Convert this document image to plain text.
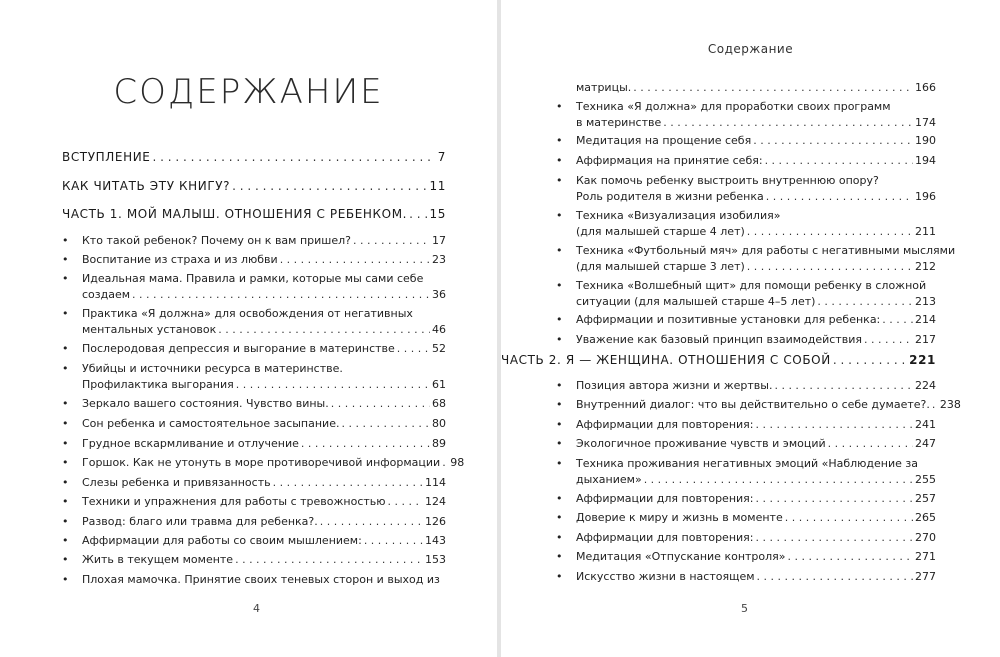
СОДЕРЖАНИЕ
ВСТУПЛЕНИЕ . . .	7
КАК ЧИТАТЬ ЭТУ КНИГУ? . . .	11
ЧАСТЬ 1. МОЙ МАЛЫШ. ОТНОШЕНИЯ С РЕБЕНКОМ. . . . 15
• Кто такой ребенок? Почему он к вам пришел? . . .	17
• Воспитание из страха и из любви . . .	23
• Идеальная мама. Правила и рамки, которые мы сами себе
создаем . . .	36
• Практика «Я должна» для освобождения от негативных
ментальных установок . . .	46
• Послеродовая депрессия и выгорание в материнстве . . .	52
• Убийцы и источники ресурса в материнстве.
Профилактика выгорания . . .	61
• Зеркало вашего состояния. Чувство вины. . . .	68
• Сон ребенка и самостоятельное засыпание. . . .	80
• Грудное вскармливание и отлучение . . .	89
• Горшок. Как не утонуть в море противоречивой информации . . . 98
• Слезы ребенка и привязанность . . .	114
• Техники и упражнения для работы с тревожностью . . .	124
• Развод: благо или травма для ребенка?. . . .	126
• Аффирмации для работы со своим мышлением: . . .	143
• Жить в текущем моменте . . .	153
• Плохая мамочка. Принятие своих теневых сторон и выход из
4
Содержание
матрицы. . . .	166
• Техника «Я должна» для проработки своих программ
в материнстве . . .	174
• Медитация на прощение себя . . .	190
• Аффирмация на принятие себя: . . .	194
• Как помочь ребенку выстроить внутреннюю опору?
Роль родителя в жизни ребенка . . .	196
• Техника «Визуализация изобилия»
(для малышей старше 4 лет) . . .	211
• Техника «Футбольный мяч» для работы с негативными мыслями
(для малышей старше 3 лет) . . .	212
• Техника «Волшебный щит» для помощи ребенку в сложной
ситуации (для малышей старше 4–5 лет) . . .	213
• Аффирмации и позитивные установки для ребенка: . . .	214
• Уважение как базовый принцип взаимодействия . . .	217
ЧАСТЬ 2. Я — ЖЕНЩИНА. ОТНОШЕНИЯ С СОБОЙ . . .	221
• Позиция автора жизни и жертвы. . . .	224
• Внутренний диалог: что вы действительно о себе думаете?. . . . 238
• Аффирмации для повторения: . . .	241
• Экологичное проживание чувств и эмоций . . .	247
• Техника проживания негативных эмоций «Наблюдение за
дыханием» . . .	255
• Аффирмации для повторения: . . .	257
• Доверие к миру и жизнь в моменте . . .	265
• Аффирмации для повторения: . . .	270
• Медитация «Отпускание контроля» . . .	271
• Искусство жизни в настоящем . . .	277
5
